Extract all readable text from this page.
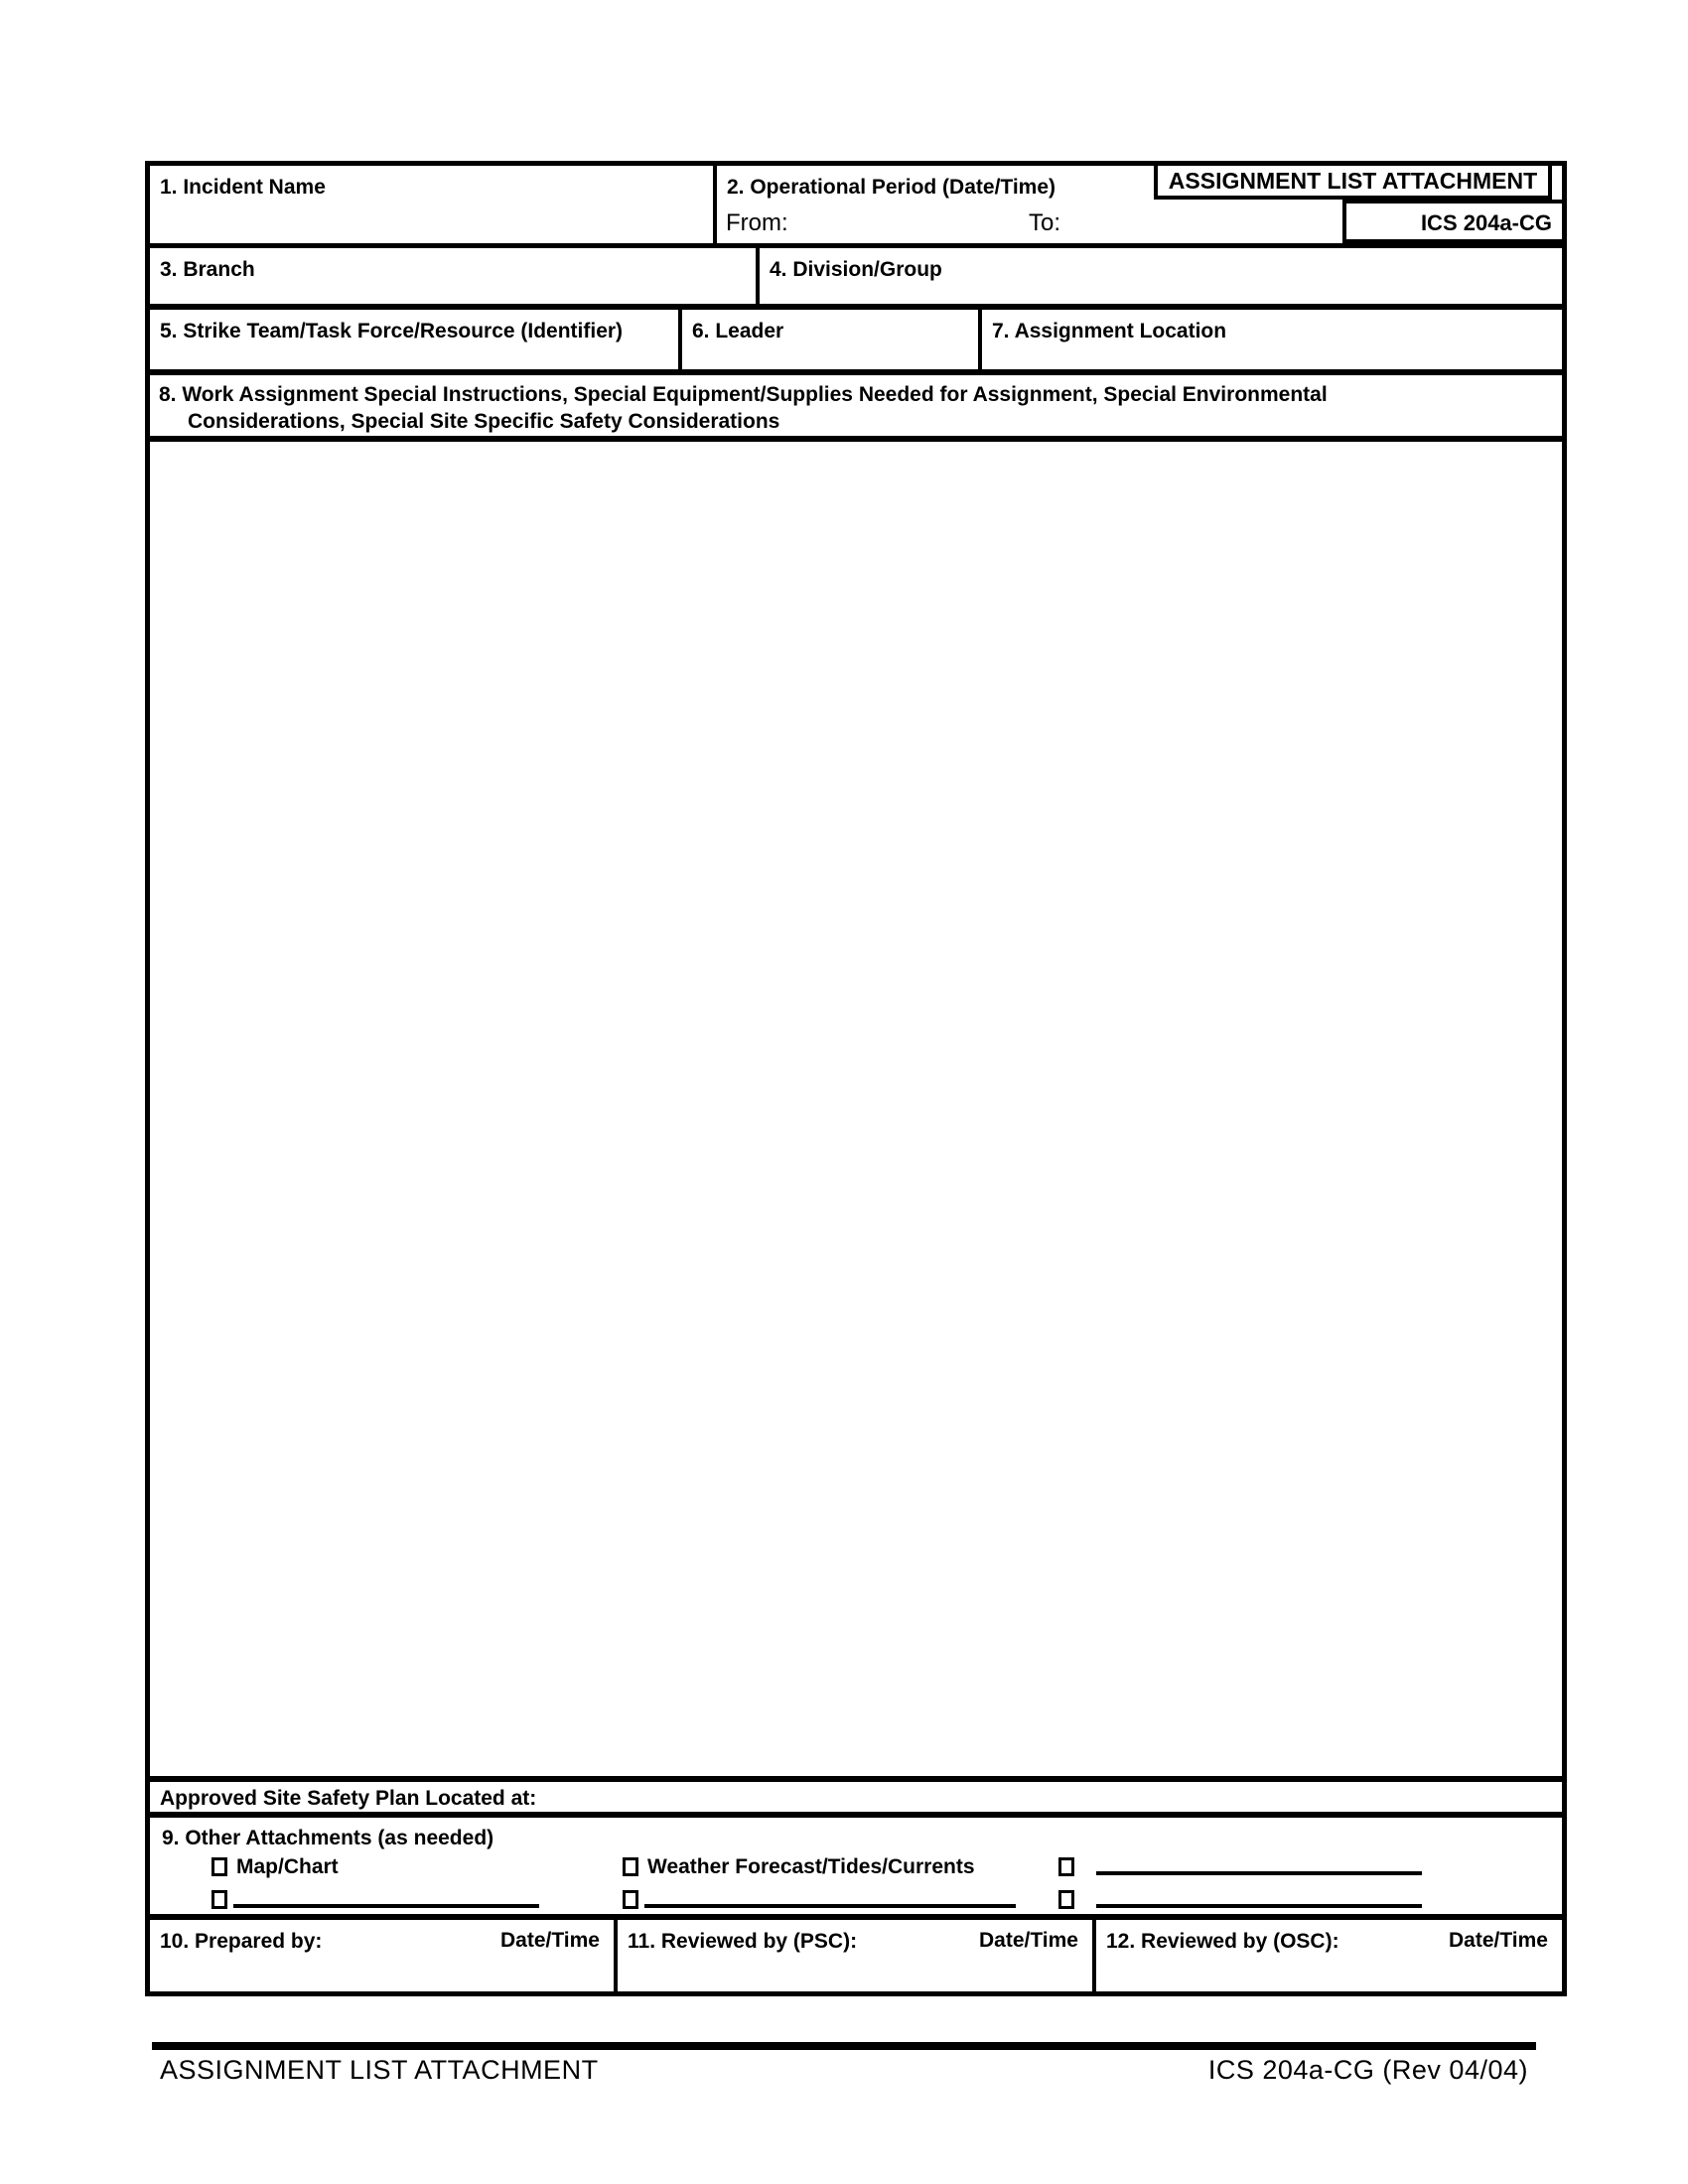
1. Incident Name	2. Operational Period (Date/Time)
From:	To:
ASSIGNMENT LIST ATTACHMENT
ICS 204a-CG
3. Branch	4. Division/Group
5. Strike Team/Task Force/Resource (Identifier)	6. Leader	7. Assignment Location
8. Work Assignment Special Instructions, Special Equipment/Supplies Needed for Assignment, Special Environmental
Considerations, Special Site Specific Safety Considerations
Approved Site Safety Plan Located at:
9. Other Attachments (as needed)
Map/Chart	Weather Forecast/Tides/Currents
10. Prepared by:	Date/Time	11. Reviewed by (PSC):	Date/Time	12. Reviewed by (OSC):	Date/Time
ASSIGNMENT LIST ATTACHMENT	ICS 204a-CG (Rev 04/04)
